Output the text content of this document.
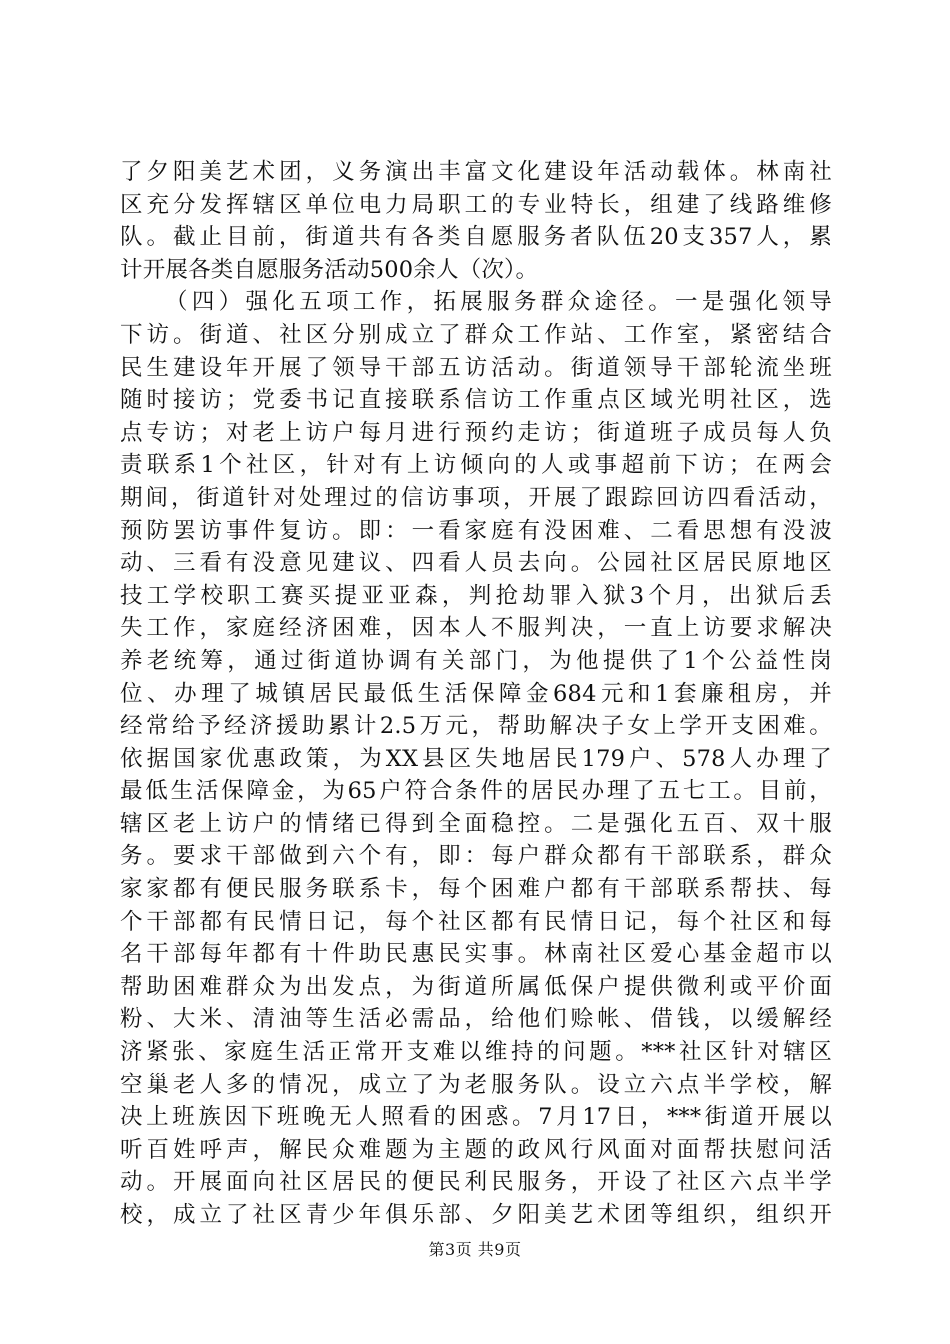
了夕阳美艺术团，义务演出丰富文化建设年活动载体。林南社
区充分发挥辖区单位电力局职工的专业特长，组建了线路维修
队。截止目前，街道共有各类自愿服务者队伍20支357人，累
计开展各类自愿服务活动500余人（次）。
（四）强化五项工作，拓展服务群众途径。一是强化领导
下访。街道、社区分别成立了群众工作站、工作室，紧密结合
民生建设年开展了领导干部五访活动。街道领导干部轮流坐班
随时接访；党委书记直接联系信访工作重点区域光明社区，选
点专访；对老上访户每月进行预约走访；街道班子成员每人负
责联系1个社区，针对有上访倾向的人或事超前下访；在两会
期间，街道针对处理过的信访事项，开展了跟踪回访四看活动，
预防罢访事件复访。即：一看家庭有没困难、二看思想有没波
动、三看有没意见建议、四看人员去向。公园社区居民原地区
技工学校职工赛买提亚亚森，判抢劫罪入狱3个月，出狱后丢
失工作，家庭经济困难，因本人不服判决，一直上访要求解决
养老统筹，通过街道协调有关部门，为他提供了1个公益性岗
位、办理了城镇居民最低生活保障金684元和1套廉租房，并
经常给予经济援助累计2.5万元，帮助解决子女上学开支困难。
依据国家优惠政策，为XX县区失地居民179户、578人办理了
最低生活保障金，为65户符合条件的居民办理了五七工。目前，
辖区老上访户的情绪已得到全面稳控。二是强化五百、双十服
务。要求干部做到六个有，即：每户群众都有干部联系，群众
家家都有便民服务联系卡，每个困难户都有干部联系帮扶、每
个干部都有民情日记，每个社区都有民情日记，每个社区和每
名干部每年都有十件助民惠民实事。林南社区爱心基金超市以
帮助困难群众为出发点，为街道所属低保户提供微利或平价面
粉、大米、清油等生活必需品，给他们赊帐、借钱，以缓解经
济紧张、家庭生活正常开支难以维持的问题。***社区针对辖区
空巢老人多的情况，成立了为老服务队。设立六点半学校，解
决上班族因下班晚无人照看的困惑。7月17日，***街道开展以
听百姓呼声，解民众难题为主题的政风行风面对面帮扶慰问活
动。开展面向社区居民的便民利民服务，开设了社区六点半学
校，成立了社区青少年俱乐部、夕阳美艺术团等组织，组织开
第3页 共9页
